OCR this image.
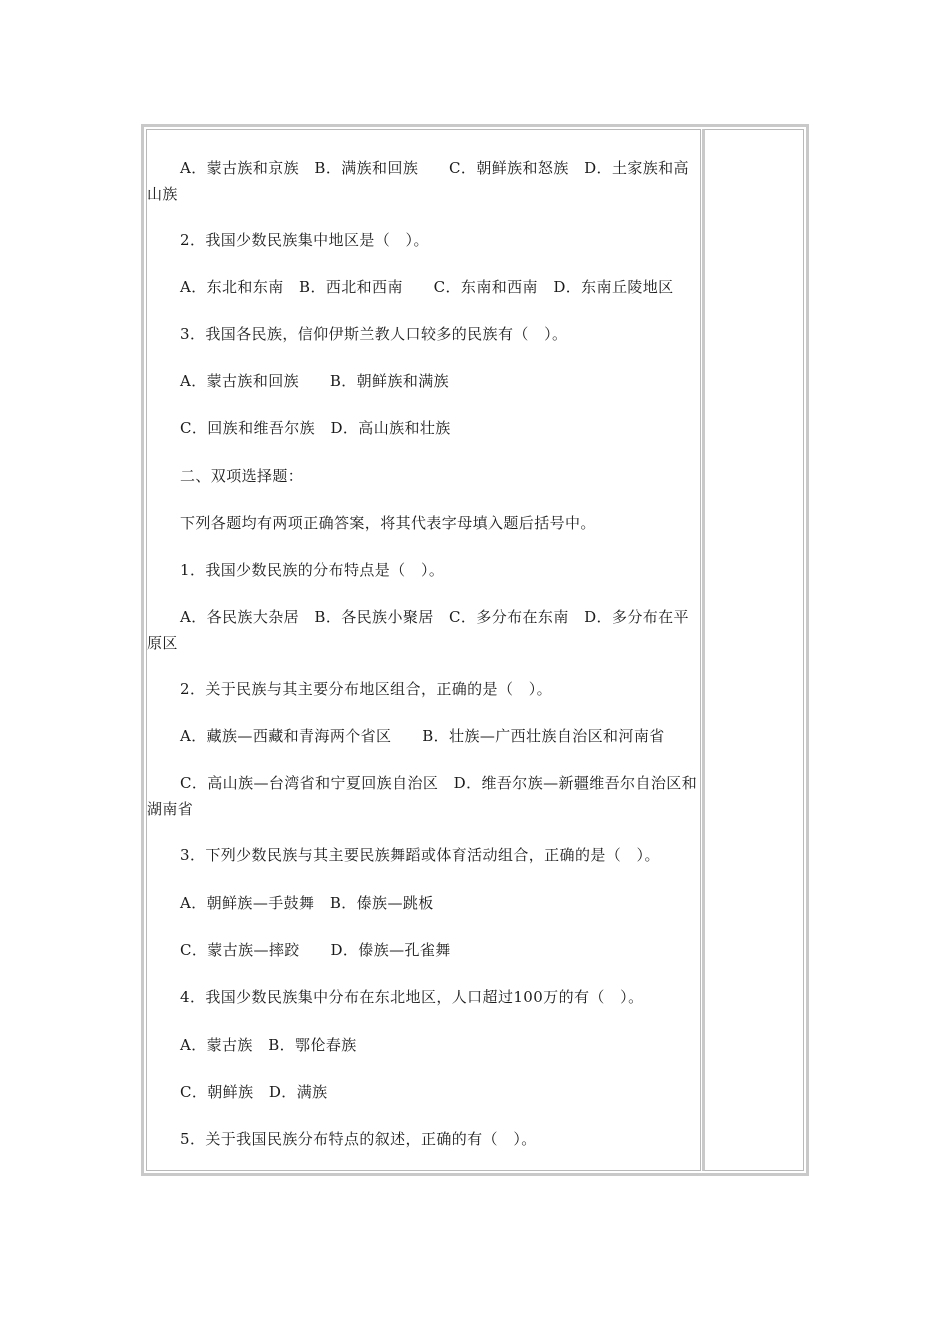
A．蒙古族和京族　B．满族和回族　　C．朝鲜族和怒族　D．土家族和高山族

2．我国少数民族集中地区是（　）。

A．东北和东南　B．西北和西南　　C．东南和西南　D．东南丘陵地区

3．我国各民族，信仰伊斯兰教人口较多的民族有（　）。

A．蒙古族和回族　　B．朝鲜族和满族

C．回族和维吾尔族　D．高山族和壮族

二、双项选择题：

下列各题均有两项正确答案，将其代表字母填入题后括号中。

1．我国少数民族的分布特点是（　）。

A．各民族大杂居　B．各民族小聚居　C．多分布在东南　D．多分布在平原区

2．关于民族与其主要分布地区组合，正确的是（　）。

A．藏族—西藏和青海两个省区　　B．壮族—广西壮族自治区和河南省

C．高山族—台湾省和宁夏回族自治区　D．维吾尔族—新疆维吾尔自治区和湖南省

3．下列少数民族与其主要民族舞蹈或体育活动组合，正确的是（　）。

A．朝鲜族—手鼓舞　B．傣族—跳板

C．蒙古族—摔跤　　D．傣族—孔雀舞

4．我国少数民族集中分布在东北地区，人口超过100万的有（　）。

A．蒙古族　B．鄂伦春族

C．朝鲜族　D．满族

5．关于我国民族分布特点的叙述，正确的有（　）。
